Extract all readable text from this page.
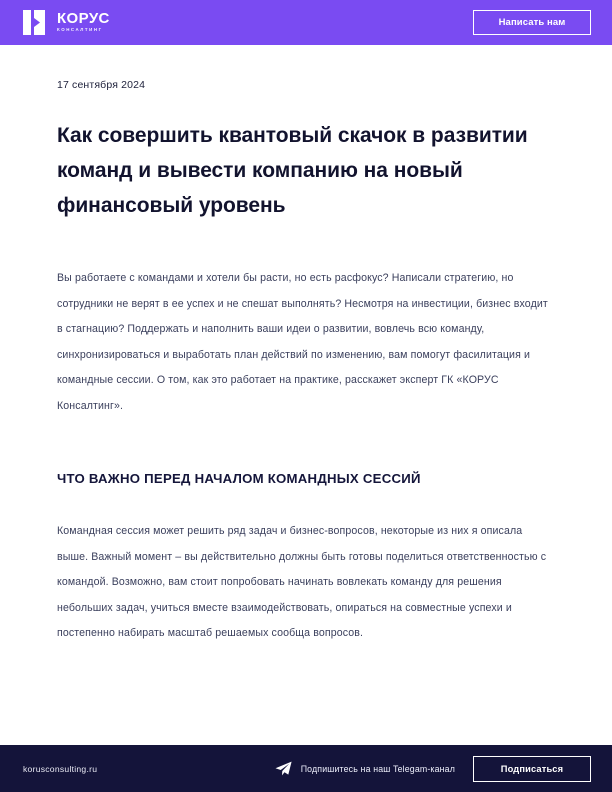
КОРУС
КОНСАЛТИНГ
Написать нам
17 сентября 2024
Как совершить квантовый скачок в развитии команд и вывести компанию на новый финансовый уровень

Вы работаете с командами и хотели бы расти, но есть расфокус? Написали стратегию, но сотрудники не верят в ее успех и не спешат выполнять? Несмотря на инвестиции, бизнес входит в стагнацию? Поддержать и наполнить ваши идеи о развитии, вовлечь всю команду, синхронизироваться и выработать план действий по изменению, вам помогут фасилитация и командные сессии. О том, как это работает на практике, расскажет эксперт ГК «КОРУС Консалтинг».

ЧТО ВАЖНО ПЕРЕД НАЧАЛОМ КОМАНДНЫХ СЕССИЙ

Командная сессия может решить ряд задач и бизнес-вопросов, некоторые из них я описала выше. Важный момент – вы действительно должны быть готовы поделиться ответственностью с командой. Возможно, вам стоит попробовать начинать вовлекать команду для решения небольших задач, учиться вместе взаимодействовать, опираться на совместные успехи и постепенно набирать масштаб решаемых сообща вопросов.

korusconsulting.ru	Подпишитесь на наш Telegam-канал	Подписаться
